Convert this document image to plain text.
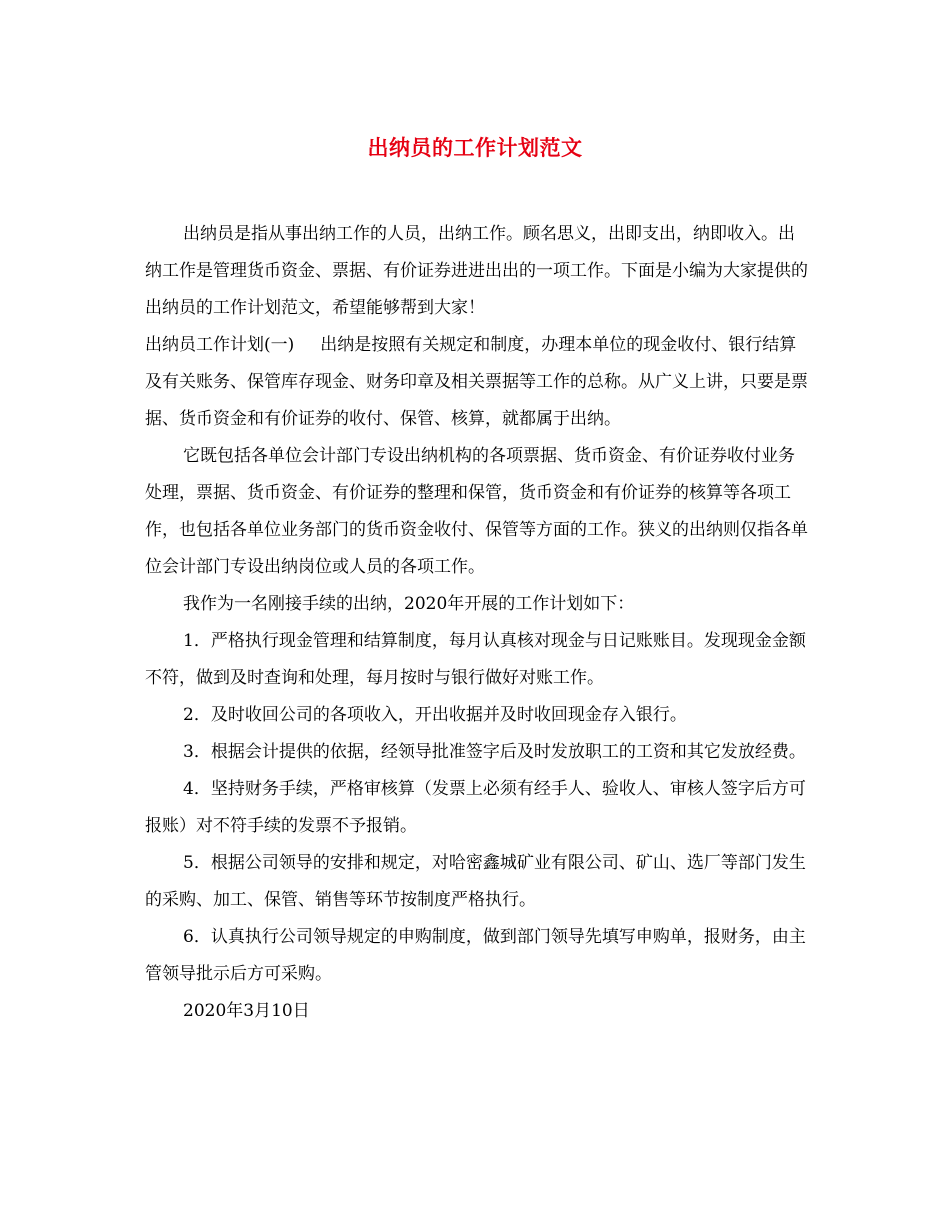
出纳员的工作计划范文

出纳员是指从事出纳工作的人员，出纳工作。顾名思义，出即支出，纳即收入。出纳工作是管理货币资金、票据、有价证券进进出出的一项工作。下面是小编为大家提供的出纳员的工作计划范文，希望能够帮到大家！

出纳员工作计划(一) 出纳是按照有关规定和制度，办理本单位的现金收付、银行结算及有关账务、保管库存现金、财务印章及相关票据等工作的总称。从广义上讲，只要是票据、货币资金和有价证券的收付、保管、核算，就都属于出纳。

它既包括各单位会计部门专设出纳机构的各项票据、货币资金、有价证券收付业务处理，票据、货币资金、有价证券的整理和保管，货币资金和有价证券的核算等各项工作，也包括各单位业务部门的货币资金收付、保管等方面的工作。狭义的出纳则仅指各单位会计部门专设出纳岗位或人员的各项工作。

我作为一名刚接手续的出纳，2020年开展的工作计划如下：

1．严格执行现金管理和结算制度，每月认真核对现金与日记账账目。发现现金金额不符，做到及时查询和处理，每月按时与银行做好对账工作。

2．及时收回公司的各项收入，开出收据并及时收回现金存入银行。

3．根据会计提供的依据，经领导批准签字后及时发放职工的工资和其它发放经费。

4．坚持财务手续，严格审核算（发票上必须有经手人、验收人、审核人签字后方可报账）对不符手续的发票不予报销。

5．根据公司领导的安排和规定，对哈密鑫城矿业有限公司、矿山、选厂等部门发生的采购、加工、保管、销售等环节按制度严格执行。

6．认真执行公司领导规定的申购制度，做到部门领导先填写申购单，报财务，由主管领导批示后方可采购。

2020年3月10日
